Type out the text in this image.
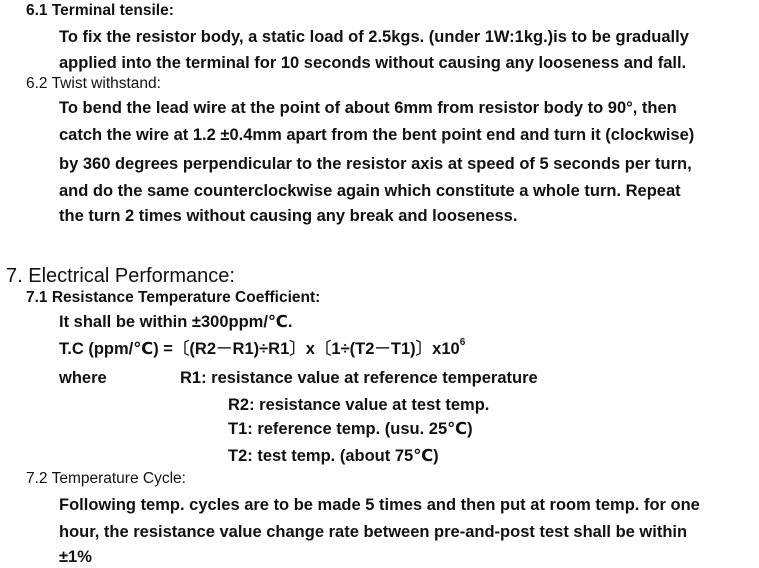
6.1 Terminal tensile:
To fix the resistor body, a static load of 2.5kgs. (under 1W:1kg.)is to be gradually
applied into the terminal for 10 seconds without causing any looseness and fall.
6.2 Twist withstand:
To bend the lead wire at the point of about 6mm from resistor body to 90°, then
catch the wire at 1.2 ±0.4mm apart from the bent point end and turn it (clockwise)
by 360 degrees perpendicular to the resistor axis at speed of 5 seconds per turn,
and do the same counterclockwise again which constitute a whole turn. Repeat
the turn 2 times without causing any break and looseness.
7. Electrical Performance:
7.1 Resistance Temperature Coefficient:
It shall be within ±300ppm/℃.
T.C (ppm/℃) =〔(R2－R1)÷R1〕x〔1÷(T2－T1)〕$x10^6$
where	R1: resistance value at reference temperature
R2: resistance value at test temp.
T1: reference temp. (usu. 25℃)
T2: test temp. (about 75℃)
7.2 Temperature Cycle:
Following temp. cycles are to be made 5 times and then put at room temp. for one
hour, the resistance value change rate between pre-and-post test shall be within
±1%
